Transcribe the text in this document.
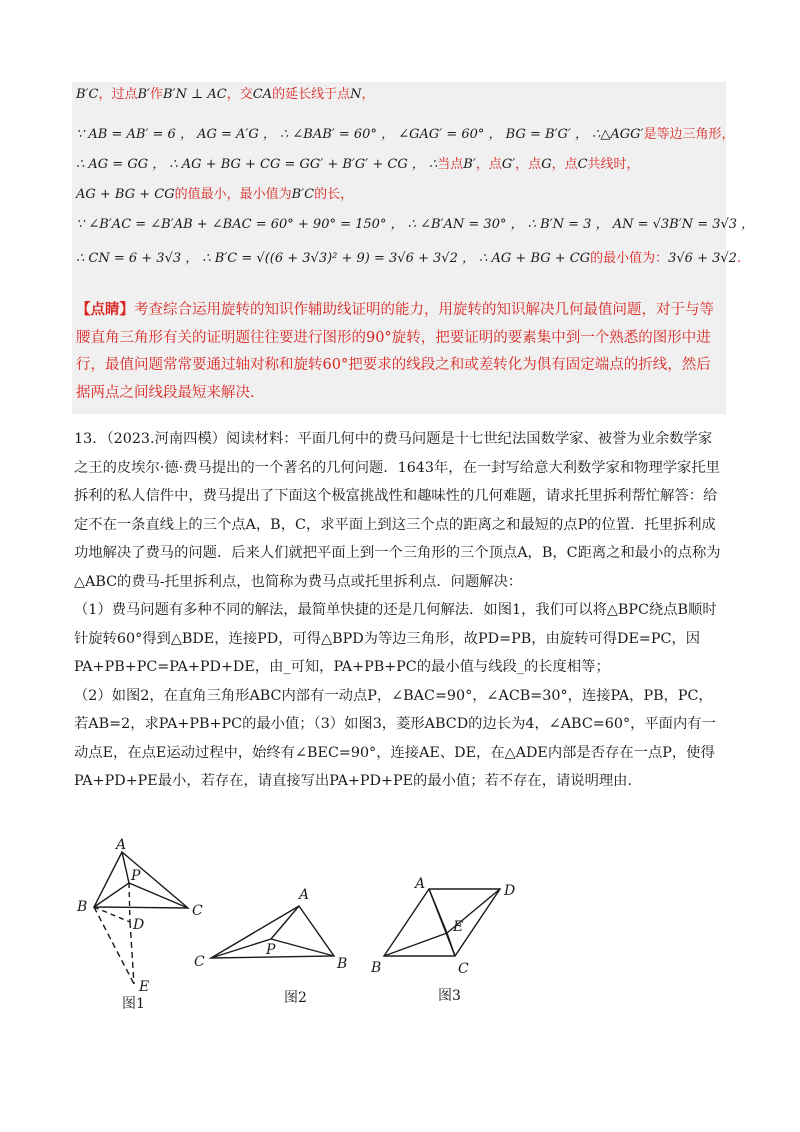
B′C，过点B′作B′N ⊥ AC，交CA的延长线于点N，
∵ AB = AB′ = 6 ， AG = A′G ， ∴ ∠BAB′ = 60° ， ∠GAG′ = 60° ， BG = B′G′ ， ∴△AGG′是等边三角形，
∴ AG = GG ， ∴ AG + BG + CG = GG′ + B′G′ + CG ， ∴当点B′，点G′，点G，点C共线时，
AG + BG + CG的值最小，最小值为B′C的长，
∵ ∠B′AC = ∠B′AB + ∠BAC = 60° + 90° = 150° ， ∴ ∠B′AN = 30° ， ∴ B′N = 3 ， AN = √3B′N = 3√3 ，
∴ CN = 6 + 3√3 ， ∴ B′C = √((6 + 3√3)² + 9) = 3√6 + 3√2 ， ∴ AG + BG + CG的最小值为：3√6 + 3√2.
【点睛】考查综合运用旋转的知识作辅助线证明的能力，用旋转的知识解决几何最值问题，对于与等腰直角三角形有关的证明题往往要进行图形的90°旋转，把要证明的要素集中到一个熟悉的图形中进行，最值问题常常要通过轴对称和旋转60°把要求的线段之和或差转化为俱有固定端点的折线，然后据两点之间线段最短来解决.

13．（2023.河南四模）阅读材料：平面几何中的费马问题是十七世纪法国数学家、被誉为业余数学家之王的皮埃尔·德·费马提出的一个著名的几何问题．1643年，在一封写给意大利数学家和物理学家托里拆利的私人信件中，费马提出了下面这个极富挑战性和趣味性的几何难题，请求托里拆利帮忙解答：给定不在一条直线上的三个点A，B，C，求平面上到这三个点的距离之和最短的点P的位置．托里拆利成功地解决了费马的问题．后来人们就把平面上到一个三角形的三个顶点A，B，C距离之和最小的点称为△ABC的费马-托里拆利点，也简称为费马点或托里拆利点．问题解决：

（1）费马问题有多种不同的解法，最简单快捷的还是几何解法．如图1，我们可以将△BPC绕点B顺时针旋转60°得到△BDE，连接PD，可得△BPD为等边三角形，故PD=PB，由旋转可得DE=PC，因PA+PB+PC=PA+PD+DE，由_可知，PA+PB+PC的最小值与线段_的长度相等；

（2）如图2，在直角三角形ABC内部有一动点P，∠BAC=90°，∠ACB=30°，连接PA，PB，PC，若AB=2，求PA+PB+PC的最小值；（3）如图3，菱形ABCD的边长为4，∠ABC=60°，平面内有一动点E，在点E运动过程中，始终有∠BEC=90°，连接AE、DE，在△ADE内部是否存在一点P，使得PA+PD+PE最小，若存在，请直接写出PA+PD+PE的最小值；若不存在，请说明理由.

A
B	C
P
D
E
图1
A
C	B
P
图2
A	D
B	C
E
图3
